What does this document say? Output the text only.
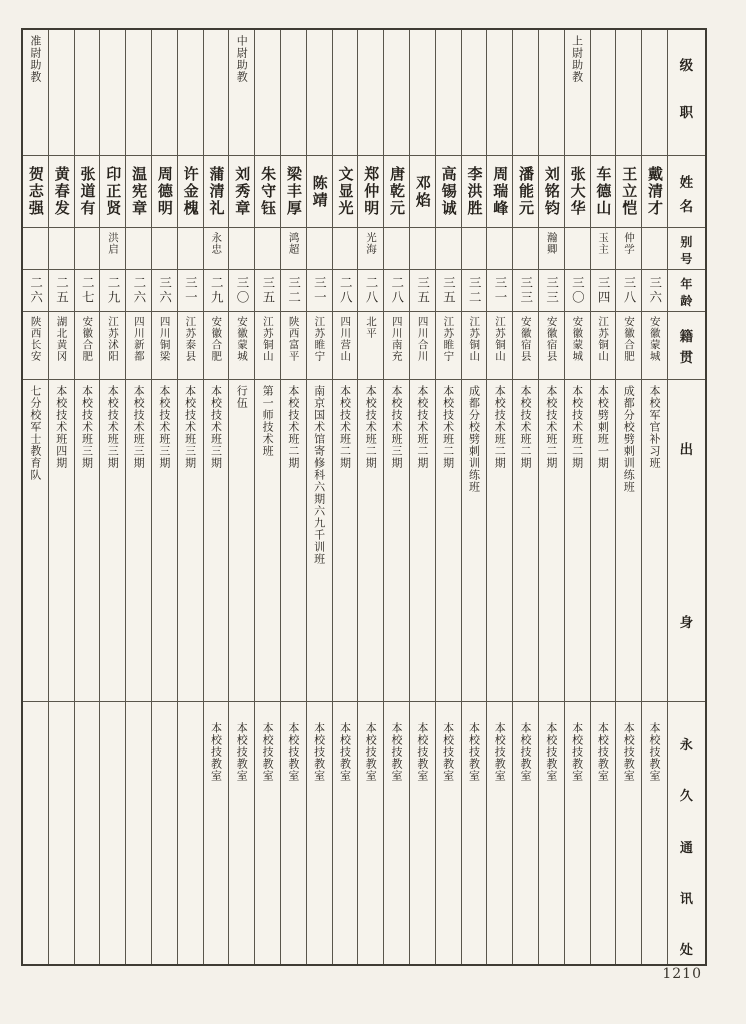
准尉助教
贺志强
二六
陕西长安
七分校军士教育队
黄春发
二五
湖北黄冈
本校技术班四期
张道有
二七
安徽合肥
本校技术班三期
印正贤
洪启
二九
江苏沭阳
本校技术班三期
温宪章
二六
四川新都
本校技术班三期
周德明
三六
四川铜梁
本校技术班三期
许金槐
三一
江苏泰县
本校技术班三期
蒲清礼
永忠
二九
安徽合肥
本校技术班三期
本校技教室
中尉助教
刘秀章
三〇
安徽蒙城
行伍
本校技教室
朱守钰
三五
江苏铜山
第一师技术班
本校技教室
梁丰厚
鸿超
三二
陕西富平
本校技术班二期
本校技教室
陈靖
三一
江苏睢宁
南京国术馆寄修科六期六九千训班
本校技教室
文显光
二八
四川营山
本校技术班二期
本校技教室
郑仲明
光海
二八
北平
本校技术班二期
本校技教室
唐乾元
二八
四川南充
本校技术班三期
本校技教室
邓焰
三五
四川合川
本校技术班二期
本校技教室
高锡诚
三五
江苏睢宁
本校技术班二期
本校技教室
李洪胜
三二
江苏铜山
成都分校劈刺训练班
本校技教室
周瑞峰
三一
江苏铜山
本校技术班二期
本校技教室
潘能元
三三
安徽宿县
本校技术班二期
本校技教室
刘铭钧
瀚卿
三三
安徽宿县
本校技术班二期
本校技教室
上尉助教
张大华
三〇
安徽蒙城
本校技术班二期
本校技教室
车德山
玉主
三四
江苏铜山
本校劈刺班一期
本校技教室
王立恺
仲学
三八
安徽合肥
成都分校劈刺训练班
本校技教室
戴清才
三六
安徽蒙城
本校军官补习班
本校技教室
级
职
姓
名
别
号
年
龄
籍
贯
出
身
永
久
通
讯
处
1210
